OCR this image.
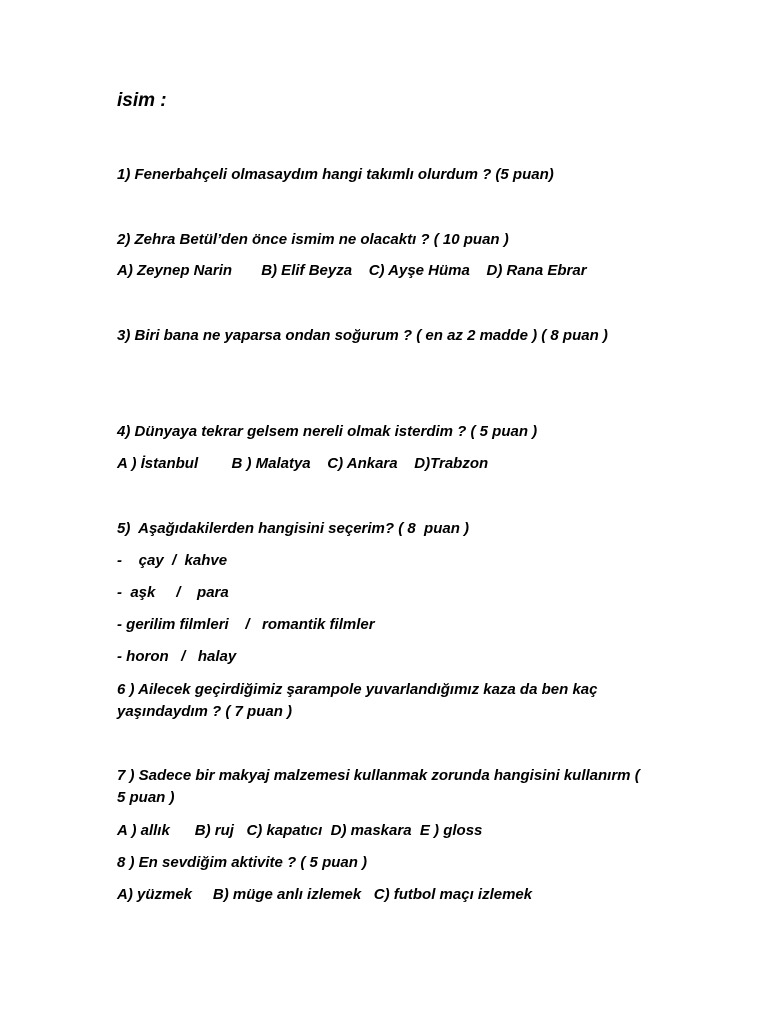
isim :
1) Fenerbahçeli olmasaydım hangi takımlı olurdum ? (5 puan)
2) Zehra Betül’den önce ismim ne olacaktı ? ( 10 puan )
A) Zeynep Narin       B) Elif Beyza    C) Ayşe Hüma    D) Rana Ebrar
3) Biri bana ne yaparsa ondan soğurum ? ( en az 2 madde ) ( 8 puan )
4) Dünyaya tekrar gelsem nereli olmak isterdim ? ( 5 puan )
A ) İstanbul        B ) Malatya    C) Ankara    D)Trabzon
5)  Aşağıdakilerden hangisini seçerim? ( 8  puan )
-    çay  /  kahve
-  aşk     /    para
- gerilim filmleri    /   romantik filmler
- horon   /   halay
6 ) Ailecek geçirdiğimiz şarampole yuvarlandığımız kaza da ben kaç yaşındaydım ? ( 7 puan )
7 ) Sadece bir makyaj malzemesi kullanmak zorunda hangisini kullanırm ( 5 puan )
A ) allık      B) ruj   C) kapatıcı  D) maskara  E ) gloss
8 ) En sevdiğim aktivite ? ( 5 puan )
A) yüzmek     B) müge anlı izlemek   C) futbol maçı izlemek
